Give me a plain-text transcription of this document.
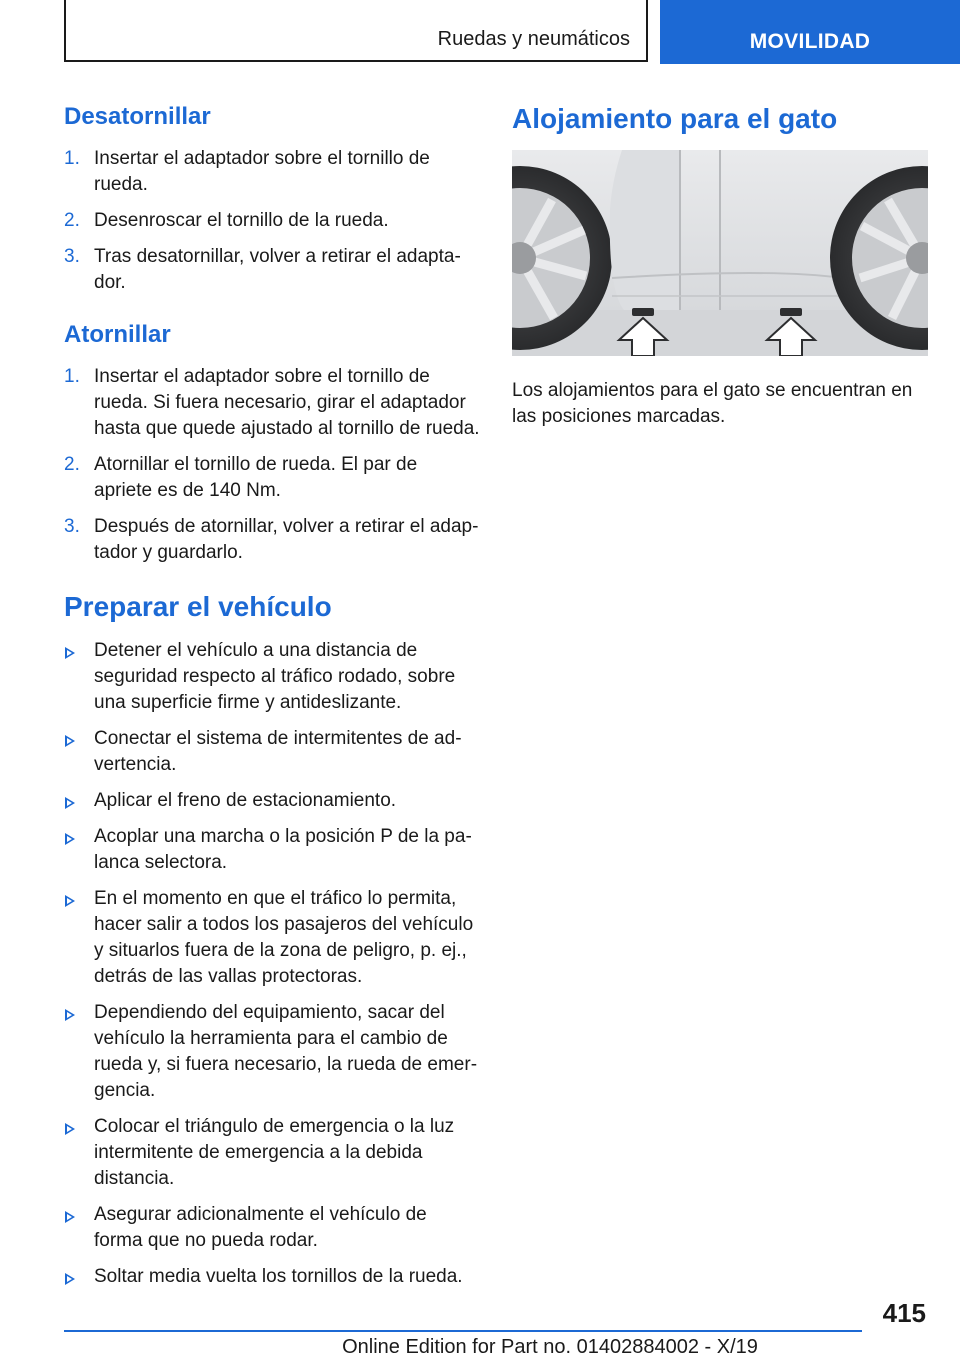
Ruedas y neumáticos	MOVILIDAD
Desatornillar
1. Insertar el adaptador sobre el tornillo de rueda.
2. Desenroscar el tornillo de la rueda.
3. Tras desatornillar, volver a retirar el adaptador.
Atornillar
1. Insertar el adaptador sobre el tornillo de rueda. Si fuera necesario, girar el adaptador hasta que quede ajustado al tornillo de rueda.
2. Atornillar el tornillo de rueda. El par de apriete es de 140 Nm.
3. Después de atornillar, volver a retirar el adaptador y guardarlo.
Preparar el vehículo
Detener el vehículo a una distancia de seguridad respecto al tráfico rodado, sobre una superficie firme y antideslizante.
Conectar el sistema de intermitentes de advertencia.
Aplicar el freno de estacionamiento.
Acoplar una marcha o la posición P de la palanca selectora.
En el momento en que el tráfico lo permita, hacer salir a todos los pasajeros del vehículo y situarlos fuera de la zona de peligro, p. ej., detrás de las vallas protectoras.
Dependiendo del equipamiento, sacar del vehículo la herramienta para el cambio de rueda y, si fuera necesario, la rueda de emergencia.
Colocar el triángulo de emergencia o la luz intermitente de emergencia a la debida distancia.
Asegurar adicionalmente el vehículo de forma que no pueda rodar.
Soltar media vuelta los tornillos de la rueda.
Alojamiento para el gato

Los alojamientos para el gato se encuentran en las posiciones marcadas.

415
Online Edition for Part no. 01402884002 - X/19
